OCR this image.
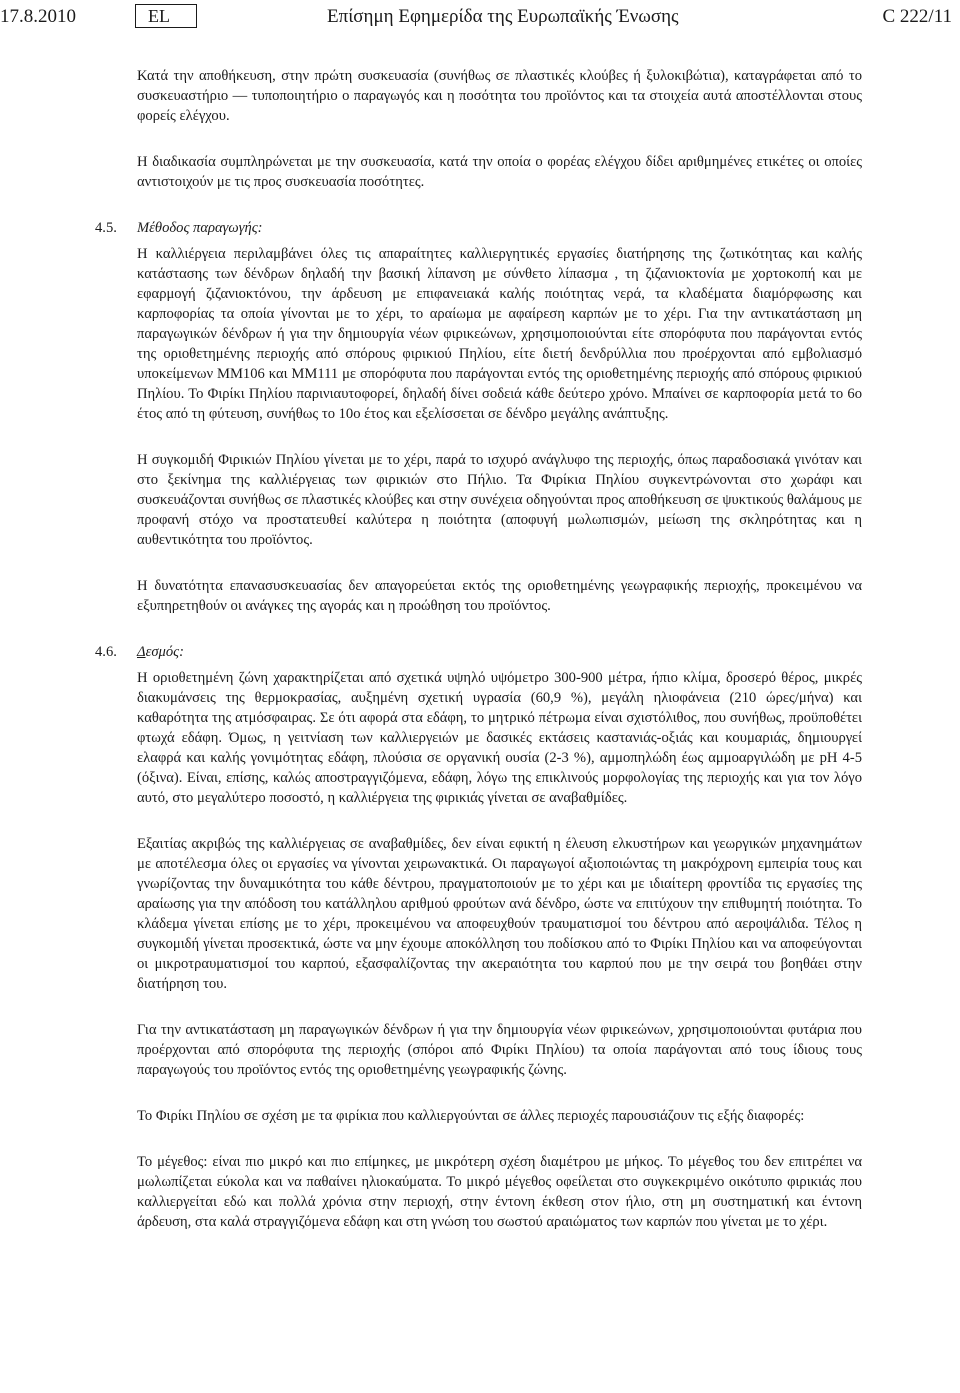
17.8.2010	EL	Επίσημη Εφημερίδα της Ευρωπαϊκής Ένωσης	C 222/11

Κατά την αποθήκευση, στην πρώτη συσκευασία (συνήθως σε πλαστικές κλούβες ή ξυλοκιβώτια), καταγράφεται από το συσκευαστήριο — τυποποιητήριο ο παραγωγός και η ποσότητα του προϊόντος και τα στοιχεία αυτά αποστέλλονται στους φορείς ελέγχου.

Η διαδικασία συμπληρώνεται με την συσκευασία, κατά την οποία ο φορέας ελέγχου δίδει αριθμημένες ετικέτες οι οποίες αντιστοιχούν με τις προς συσκευασία ποσότητες.

4.5. Μέθοδος παραγωγής:

Η καλλιέργεια περιλαμβάνει όλες τις απαραίτητες καλλιεργητικές εργασίες διατήρησης της ζωτικότητας και καλής κατάστασης των δένδρων δηλαδή την βασική λίπανση με σύνθετο λίπασμα , τη ζιζανιοκτονία με χορτοκοπή και με εφαρμογή ζιζανιοκτόνου, την άρδευση με επιφανειακά καλής ποιότητας νερά, τα κλαδέματα διαμόρφωσης και καρποφορίας τα οποία γίνονται με το χέρι, το αραίωμα με αφαίρεση καρπών με το χέρι. Για την αντικατάσταση μη παραγωγικών δένδρων ή για την δημιουργία νέων φιρικεώνων, χρησιμοποιούνται είτε σπορόφυτα που παράγονται εντός της οριοθετημένης περιοχής από σπόρους φιρικιού Πηλίου, είτε διετή δενδρύλλια που προέρχονται από εμβολιασμό υποκείμενων MM106 και MM111 με σπορόφυτα που παράγονται εντός της οριοθετημένης περιοχής από σπόρους φιρικιού Πηλίου. Το Φιρίκι Πηλίου παρινιαυτοφορεί, δηλαδή δίνει σοδειά κάθε δεύτερο χρόνο. Μπαίνει σε καρποφορία μετά το 6ο έτος από τη φύτευση, συνήθως το 10ο έτος και εξελίσσεται σε δένδρο μεγάλης ανάπτυξης.

Η συγκομιδή Φιρικιών Πηλίου γίνεται με το χέρι, παρά το ισχυρό ανάγλυφο της περιοχής, όπως παραδοσιακά γινόταν και στο ξεκίνημα της καλλιέργειας των φιρικιών στο Πήλιο. Τα Φιρίκια Πηλίου συγκεντρώνονται στο χωράφι και συσκευάζονται συνήθως σε πλαστικές κλούβες και στην συνέχεια οδηγούνται προς αποθήκευση σε ψυκτικούς θαλάμους με προφανή στόχο να προστατευθεί καλύτερα η ποιότητα (αποφυγή μωλωπισμών, μείωση της σκληρότητας και η αυθεντικότητα του προϊόντος.

Η δυνατότητα επανασυσκευασίας δεν απαγορεύεται εκτός της οριοθετημένης γεωγραφικής περιοχής, προκειμένου να εξυπηρετηθούν οι ανάγκες της αγοράς και η προώθηση του προϊόντος.

4.6. Δεσμός:

Η οριοθετημένη ζώνη χαρακτηρίζεται από σχετικά υψηλό υψόμετρο 300-900 μέτρα, ήπιο κλίμα, δροσερό θέρος, μικρές διακυμάνσεις της θερμοκρασίας, αυξημένη σχετική υγρασία (60,9 %), μεγάλη ηλιοφάνεια (210 ώρες/μήνα) και καθαρότητα της ατμόσφαιρας. Σε ότι αφορά στα εδάφη, το μητρικό πέτρωμα είναι σχιστόλιθος, που συνήθως, προϋποθέτει φτωχά εδάφη. Όμως, η γειτνίαση των καλλιεργειών με δασικές εκτάσεις καστανιάς-οξιάς και κουμαριάς, δημιουργεί ελαφρά και καλής γονιμότητας εδάφη, πλούσια σε οργανική ουσία (2-3 %), αμμοπηλώδη έως αμμοαργιλώδη με pH 4-5 (όξινα). Είναι, επίσης, καλώς αποστραγγιζόμενα, εδάφη, λόγω της επικλινούς μορφολογίας της περιοχής και για τον λόγο αυτό, στο μεγαλύτερο ποσοστό, η καλλιέργεια της φιρικιάς γίνεται σε αναβαθμίδες.

Εξαιτίας ακριβώς της καλλιέργειας σε αναβαθμίδες, δεν είναι εφικτή η έλευση ελκυστήρων και γεωργικών μηχανημάτων με αποτέλεσμα όλες οι εργασίες να γίνονται χειρωνακτικά. Οι παραγωγοί αξιοποιώντας τη μακρόχρονη εμπειρία τους και γνωρίζοντας την δυναμικότητα του κάθε δέντρου, πραγματοποιούν με το χέρι και με ιδιαίτερη φροντίδα τις εργασίες της αραίωσης για την απόδοση του κατάλληλου αριθμού φρούτων ανά δένδρο, ώστε να επιτύχουν την επιθυμητή ποιότητα. Το κλάδεμα γίνεται επίσης με το χέρι, προκειμένου να αποφευχθούν τραυματισμοί του δέντρου από αεροψάλιδα. Τέλος η συγκομιδή γίνεται προσεκτικά, ώστε να μην έχουμε αποκόλληση του ποδίσκου από το Φιρίκι Πηλίου και να αποφεύγονται οι μικροτραυματισμοί του καρπού, εξασφαλίζοντας την ακεραιότητα του καρπού που με την σειρά του βοηθάει στην διατήρηση του.

Για την αντικατάσταση μη παραγωγικών δένδρων ή για την δημιουργία νέων φιρικεώνων, χρησιμοποιούνται φυτάρια που προέρχονται από σπορόφυτα της περιοχής (σπόροι από Φιρίκι Πηλίου) τα οποία παράγονται από τους ίδιους τους παραγωγούς του προϊόντος εντός της οριοθετημένης γεωγραφικής ζώνης.

Το Φιρίκι Πηλίου σε σχέση με τα φιρίκια που καλλιεργούνται σε άλλες περιοχές παρουσιάζουν τις εξής διαφορές:

Το μέγεθος: είναι πιο μικρό και πιο επίμηκες, με μικρότερη σχέση διαμέτρου με μήκος. Το μέγεθος του δεν επιτρέπει να μωλωπίζεται εύκολα και να παθαίνει ηλιοκαύματα. Το μικρό μέγεθος οφείλεται στο συγκεκριμένο οικότυπο φιρικιάς που καλλιεργείται εδώ και πολλά χρόνια στην περιοχή, στην έντονη έκθεση στον ήλιο, στη μη συστηματική και έντονη άρδευση, στα καλά στραγγιζόμενα εδάφη και στη γνώση του σωστού αραιώματος των καρπών που γίνεται με το χέρι.
